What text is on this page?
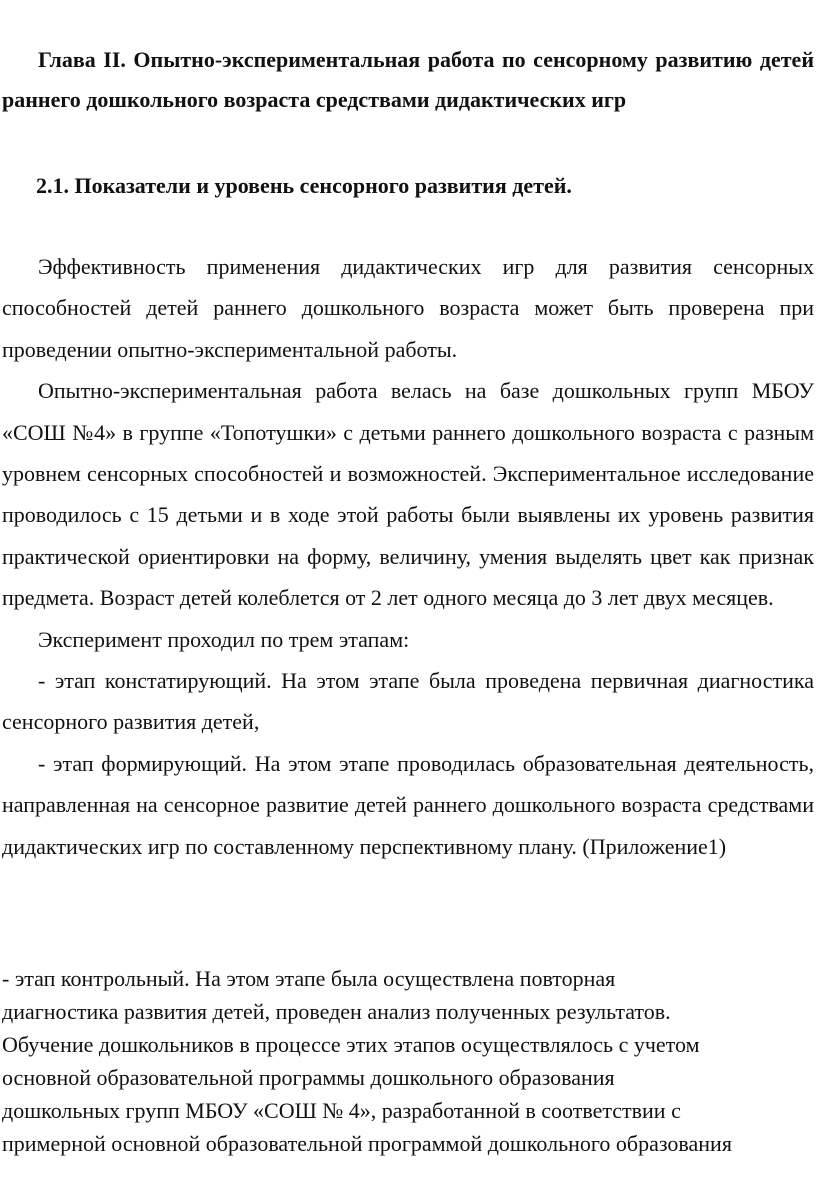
Глава II. Опытно-экспериментальная работа по сенсорному развитию детей раннего дошкольного возраста средствами дидактических игр

2.1. Показатели и уровень сенсорного развития детей.

Эффективность применения дидактических игр для развития сенсорных способностей детей раннего дошкольного возраста может быть проверена при проведении опытно-экспериментальной работы.

Опытно-экспериментальная работа велась на базе дошкольных групп МБОУ «СОШ №4» в группе «Топотушки» с детьми раннего дошкольного возраста с разным уровнем сенсорных способностей и возможностей. Экспериментальное исследование проводилось с 15 детьми и в ходе этой работы были выявлены их уровень развития практической ориентировки на форму, величину, умения выделять цвет как признак предмета. Возраст детей колеблется от 2 лет одного месяца до 3 лет двух месяцев.

Эксперимент проходил по трем этапам:

- этап констатирующий. На этом этапе была проведена первичная диагностика сенсорного развития детей,

- этап формирующий. На этом этапе проводилась образовательная деятельность, направленная на сенсорное развитие детей раннего дошкольного возраста средствами дидактических игр по составленному перспективному плану. (Приложение1)

- этап контрольный. На этом этапе была осуществлена повторная

диагностика развития детей, проведен анализ полученных результатов.

Обучение дошкольников в процессе этих этапов осуществлялось с учетом

основной образовательной программы дошкольного образования

дошкольных групп МБОУ «СОШ № 4», разработанной в соответствии с

примерной основной образовательной программой дошкольного образования
